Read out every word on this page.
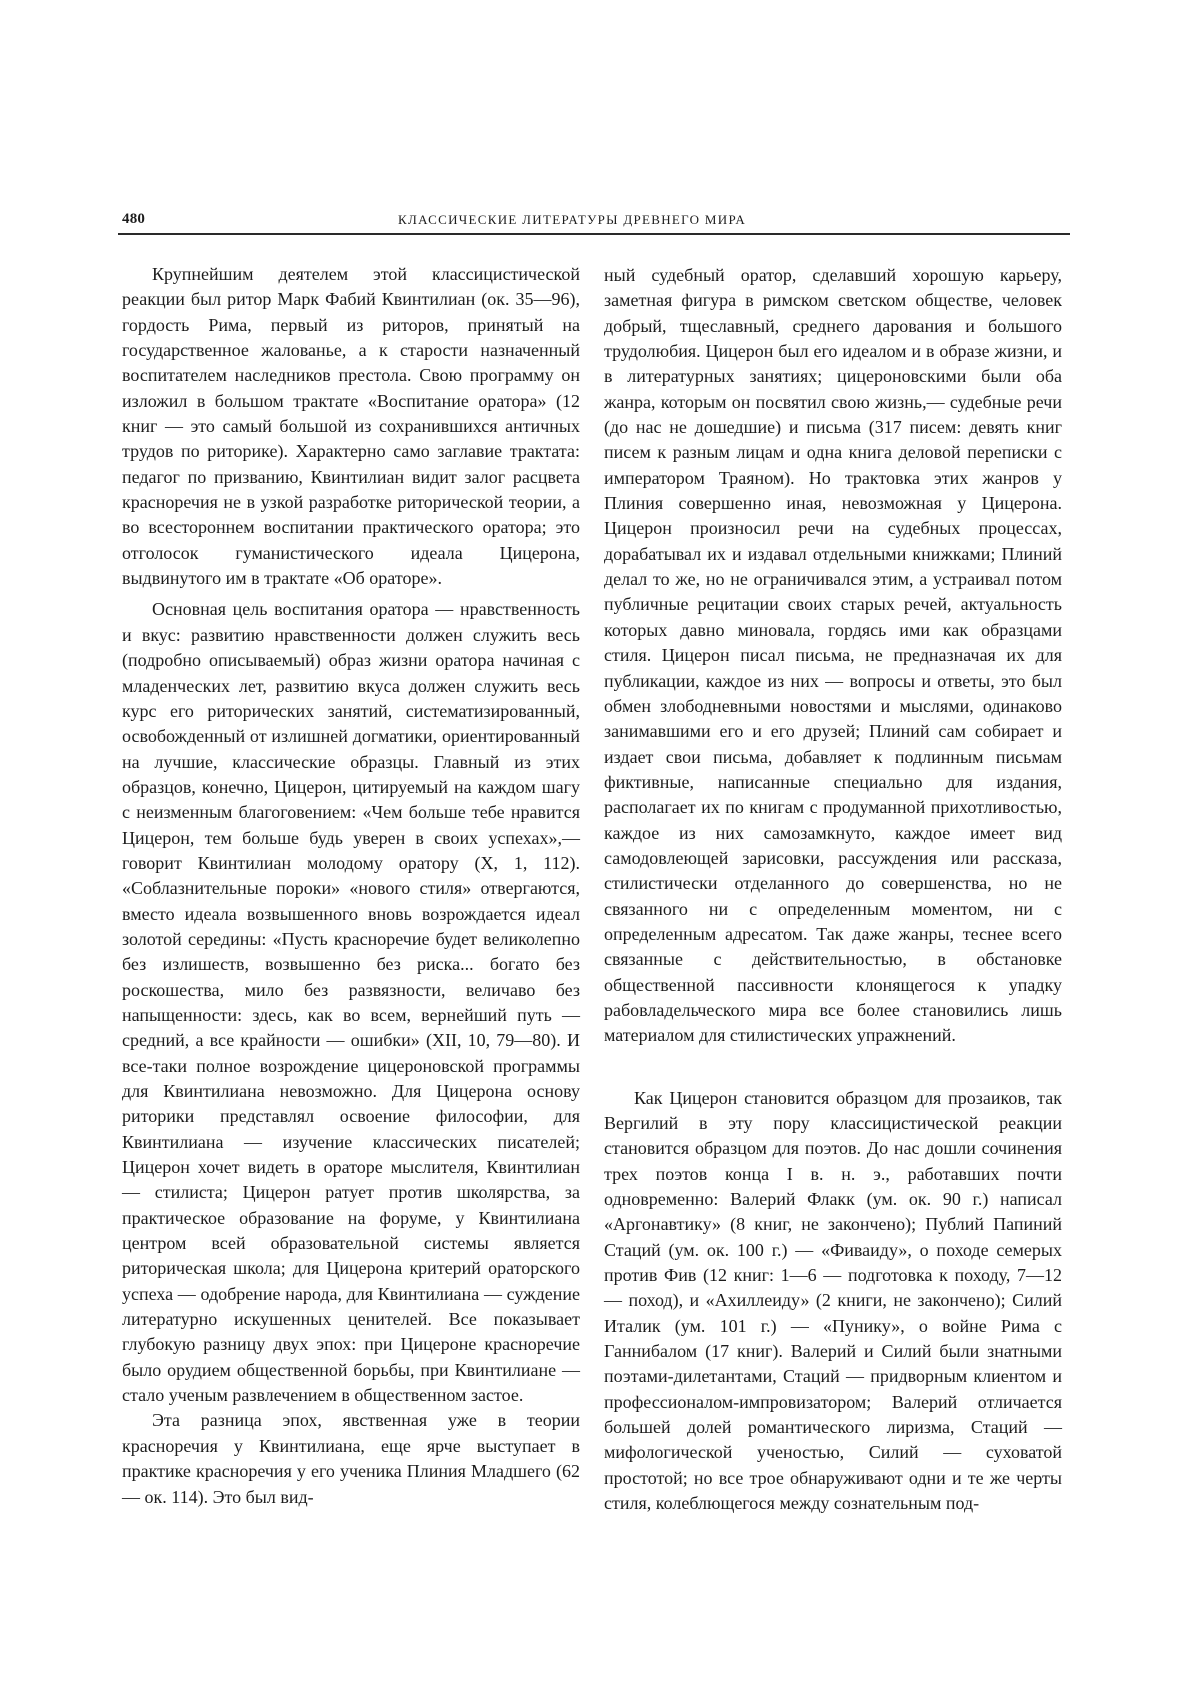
480	КЛАССИЧЕСКИЕ ЛИТЕРАТУРЫ ДРЕВНЕГО МИРА

Крупнейшим деятелем этой классицистической реакции был ритор Марк Фабий Квинтилиан (ок. 35—96), гордость Рима, первый из риторов, принятый на государственное жалованье, а к старости назначенный воспитателем наследников престола. Свою программу он изложил в большом трактате «Воспитание оратора» (12 книг — это самый большой из сохранившихся античных трудов по риторике). Характерно само заглавие трактата: педагог по призванию, Квинтилиан видит залог расцвета красноречия не в узкой разработке риторической теории, а во всестороннем воспитании практического оратора; это отголосок гуманистического идеала Цицерона, выдвинутого им в трактате «Об ораторе».

Основная цель воспитания оратора — нравственность и вкус: развитию нравственности должен служить весь (подробно описываемый) образ жизни оратора начиная с младенческих лет, развитию вкуса должен служить весь курс его риторических занятий, систематизированный, освобожденный от излишней догматики, ориентированный на лучшие, классические образцы. Главный из этих образцов, конечно, Цицерон, цитируемый на каждом шагу с неизменным благоговением: «Чем больше тебе нравится Цицерон, тем больше будь уверен в своих успехах»,— говорит Квинтилиан молодому оратору (X, 1, 112). «Соблазнительные пороки» «нового стиля» отвергаются, вместо идеала возвышенного вновь возрождается идеал золотой середины: «Пусть красноречие будет великолепно без излишеств, возвышенно без риска... богато без роскошества, мило без развязности, величаво без напыщенности: здесь, как во всем, вернейший путь — средний, а все крайности — ошибки» (XII, 10, 79—80). И все-таки полное возрождение цицероновской программы для Квинтилиана невозможно. Для Цицерона основу риторики представлял освоение философии, для Квинтилиана — изучение классических писателей; Цицерон хочет видеть в ораторе мыслителя, Квинтилиан — стилиста; Цицерон ратует против школярства, за практическое образование на форуме, у Квинтилиана центром всей образовательной системы является риторическая школа; для Цицерона критерий ораторского успеха — одобрение народа, для Квинтилиана — суждение литературно искушенных ценителей. Все показывает глубокую разницу двух эпох: при Цицероне красноречие было орудием общественной борьбы, при Квинтилиане — стало ученым развлечением в общественном застое.

Эта разница эпох, явственная уже в теории красноречия у Квинтилиана, еще ярче выступает в практике красноречия у его ученика Плиния Младшего (62 — ок. 114). Это был вид-

ный судебный оратор, сделавший хорошую карьеру, заметная фигура в римском светском обществе, человек добрый, тщеславный, среднего дарования и большого трудолюбия. Цицерон был его идеалом и в образе жизни, и в литературных занятиях; цицероновскими были оба жанра, которым он посвятил свою жизнь,— судебные речи (до нас не дошедшие) и письма (317 писем: девять книг писем к разным лицам и одна книга деловой переписки с императором Траяном). Но трактовка этих жанров у Плиния совершенно иная, невозможная у Цицерона. Цицерон произносил речи на судебных процессах, дорабатывал их и издавал отдельными книжками; Плиний делал то же, но не ограничивался этим, а устраивал потом публичные рецитации своих старых речей, актуальность которых давно миновала, гордясь ими как образцами стиля. Цицерон писал письма, не предназначая их для публикации, каждое из них — вопросы и ответы, это был обмен злободневными новостями и мыслями, одинаково занимавшими его и его друзей; Плиний сам собирает и издает свои письма, добавляет к подлинным письмам фиктивные, написанные специально для издания, располагает их по книгам с продуманной прихотливостью, каждое из них самозамкнуто, каждое имеет вид самодовлеющей зарисовки, рассуждения или рассказа, стилистически отделанного до совершенства, но не связанного ни с определенным моментом, ни с определенным адресатом. Так даже жанры, теснее всего связанные с действительностью, в обстановке общественной пассивности клонящегося к упадку рабовладельческого мира все более становились лишь материалом для стилистических упражнений.

Как Цицерон становится образцом для прозаиков, так Вергилий в эту пору классицистической реакции становится образцом для поэтов. До нас дошли сочинения трех поэтов конца I в. н. э., работавших почти одновременно: Валерий Флакк (ум. ок. 90 г.) написал «Аргонавтику» (8 книг, не закончено); Публий Папиний Стаций (ум. ок. 100 г.) — «Фиваиду», о походе семерых против Фив (12 книг: 1—6 — подготовка к походу, 7—12 — поход), и «Ахиллеиду» (2 книги, не закончено); Силий Италик (ум. 101 г.) — «Пунику», о войне Рима с Ганнибалом (17 книг). Валерий и Силий были знатными поэтами-дилетантами, Стаций — придворным клиентом и профессионалом-импровизатором; Валерий отличается большей долей романтического лиризма, Стаций — мифологической ученостью, Силий — суховатой простотой; но все трое обнаруживают одни и те же черты стиля, колеблющегося между сознательным под-
